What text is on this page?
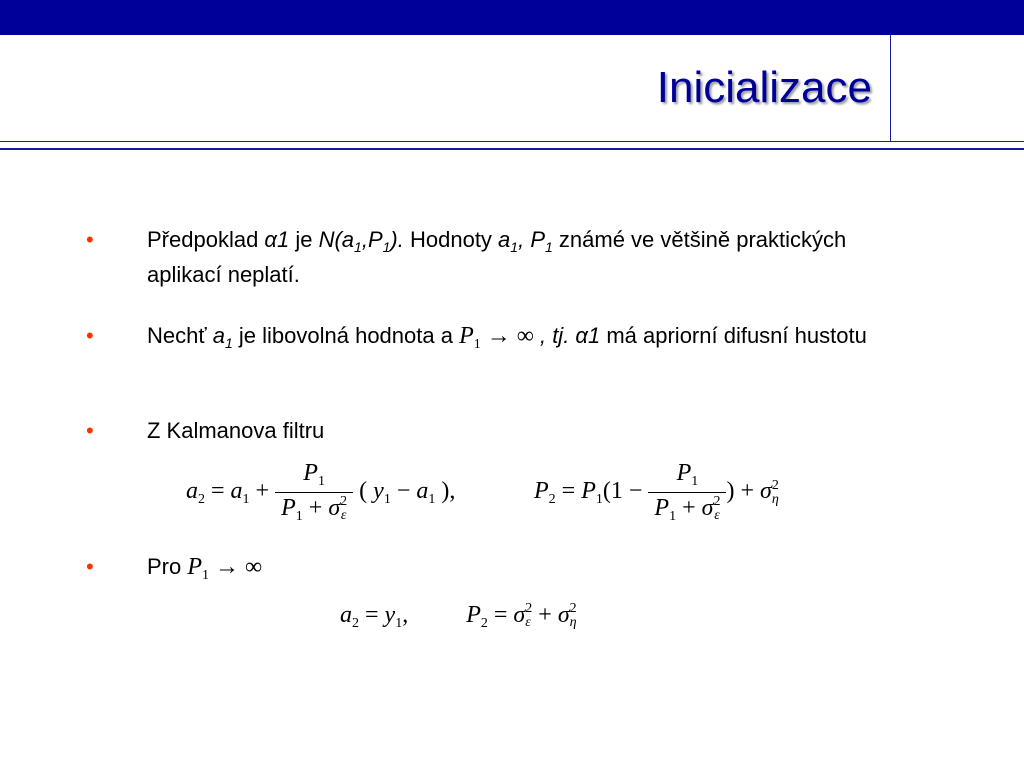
Inicializace
• Předpoklad α1 je $N(a_1,P_1)$. Hodnoty $a_1$, $P_1$ známé ve většině praktických aplikací neplatí.
• Nechť $a_1$ je libovolná hodnota a $P_1$ → ∞ , tj. α1 má apriorní difusní hustotu
• Z Kalmanova filtru
$a_2 = a_1 + P_1$
$P_1 + \sigma$ 2
ε ( $y_1 - a_1$ ),	$P_2 = P_1(1 - P_1$
$P_1 + \sigma$ 2
ε ) + σ 2
η
• Pro $P_1$ → ∞
$a_2 = y_1$, $P_2 = \sigma$ 2
ε + σ 2
η
